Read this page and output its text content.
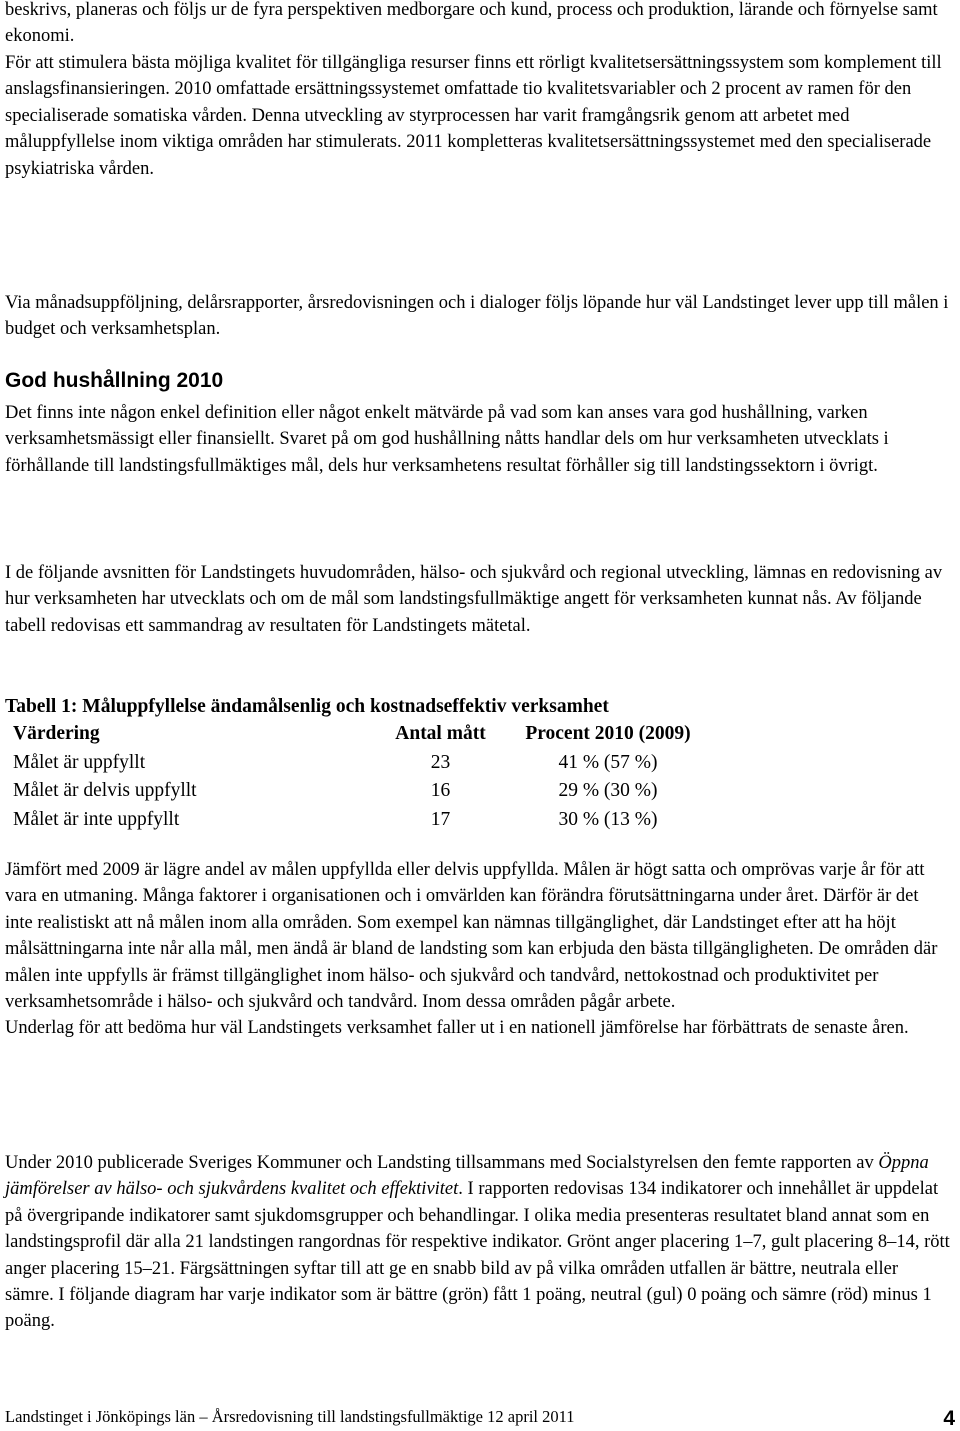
beskrivs, planeras och följs ur de fyra perspektiven medborgare och kund, process och produktion, lärande och förnyelse samt ekonomi.

För att stimulera bästa möjliga kvalitet för tillgängliga resurser finns ett rörligt kvalitetsersättningssystem som komplement till anslagsfinansieringen. 2010 omfattade ersättningssystemet omfattade tio kvalitetsvariabler och 2 procent av ramen för den specialiserade somatiska vården. Denna utveckling av styrprocessen har varit framgångsrik genom att arbetet med måluppfyllelse inom viktiga områden har stimulerats. 2011 kompletteras kvalitetsersättningssystemet med den specialiserade psykiatriska vården.

Via månadsuppföljning, delårsrapporter, årsredovisningen och i dialoger följs löpande hur väl Landstinget lever upp till målen i budget och verksamhetsplan.

God hushållning 2010

Det finns inte någon enkel definition eller något enkelt mätvärde på vad som kan anses vara god hushållning, varken verksamhetsmässigt eller finansiellt. Svaret på om god hushållning nåtts handlar dels om hur verksamheten utvecklats i förhållande till landstingsfullmäktiges mål, dels hur verksamhetens resultat förhåller sig till landstingssektorn i övrigt.

I de följande avsnitten för Landstingets huvudområden, hälso- och sjukvård och regional utveckling, lämnas en redovisning av hur verksamheten har utvecklats och om de mål som landstingsfullmäktige angett för verksamheten kunnat nås. Av följande tabell redovisas ett sammandrag av resultaten för Landstingets mätetal.

Tabell 1: Måluppfyllelse ändamålsenlig och kostnadseffektiv verksamhet

Värdering	Antal mått	Procent 2010 (2009)
Målet är uppfyllt	23	41 % (57 %)
Målet är delvis uppfyllt	16	29 % (30 %)
Målet är inte uppfyllt	17	30 % (13 %)

Jämfört med 2009 är lägre andel av målen uppfyllda eller delvis uppfyllda. Målen är högt satta och omprövas varje år för att vara en utmaning. Många faktorer i organisationen och i omvärlden kan förändra förutsättningarna under året. Därför är det inte realistiskt att nå målen inom alla områden. Som exempel kan nämnas tillgänglighet, där Landstinget efter att ha höjt målsättningarna inte når alla mål, men ändå är bland de landsting som kan erbjuda den bästa tillgängligheten. De områden där målen inte uppfylls är främst tillgänglighet inom hälso- och sjukvård och tandvård, nettokostnad och produktivitet per verksamhetsområde i hälso- och sjukvård och tandvård. Inom dessa områden pågår arbete.

Underlag för att bedöma hur väl Landstingets verksamhet faller ut i en nationell jämförelse har förbättrats de senaste åren.

Under 2010 publicerade Sveriges Kommuner och Landsting tillsammans med Socialstyrelsen den femte rapporten av Öppna jämförelser av hälso- och sjukvårdens kvalitet och effektivitet. I rapporten redovisas 134 indikatorer och innehållet är uppdelat på övergripande indikatorer samt sjukdomsgrupper och behandlingar. I olika media presenteras resultatet bland annat som en landstingsprofil där alla 21 landstingen rangordnas för respektive indikator. Grönt anger placering 1–7, gult placering 8–14, rött anger placering 15–21. Färgsättningen syftar till att ge en snabb bild av på vilka områden utfallen är bättre, neutrala eller sämre. I följande diagram har varje indikator som är bättre (grön) fått 1 poäng, neutral (gul) 0 poäng och sämre (röd) minus 1 poäng.

Landstinget i Jönköpings län – Årsredovisning till landstingsfullmäktige 12 april 2011	4
